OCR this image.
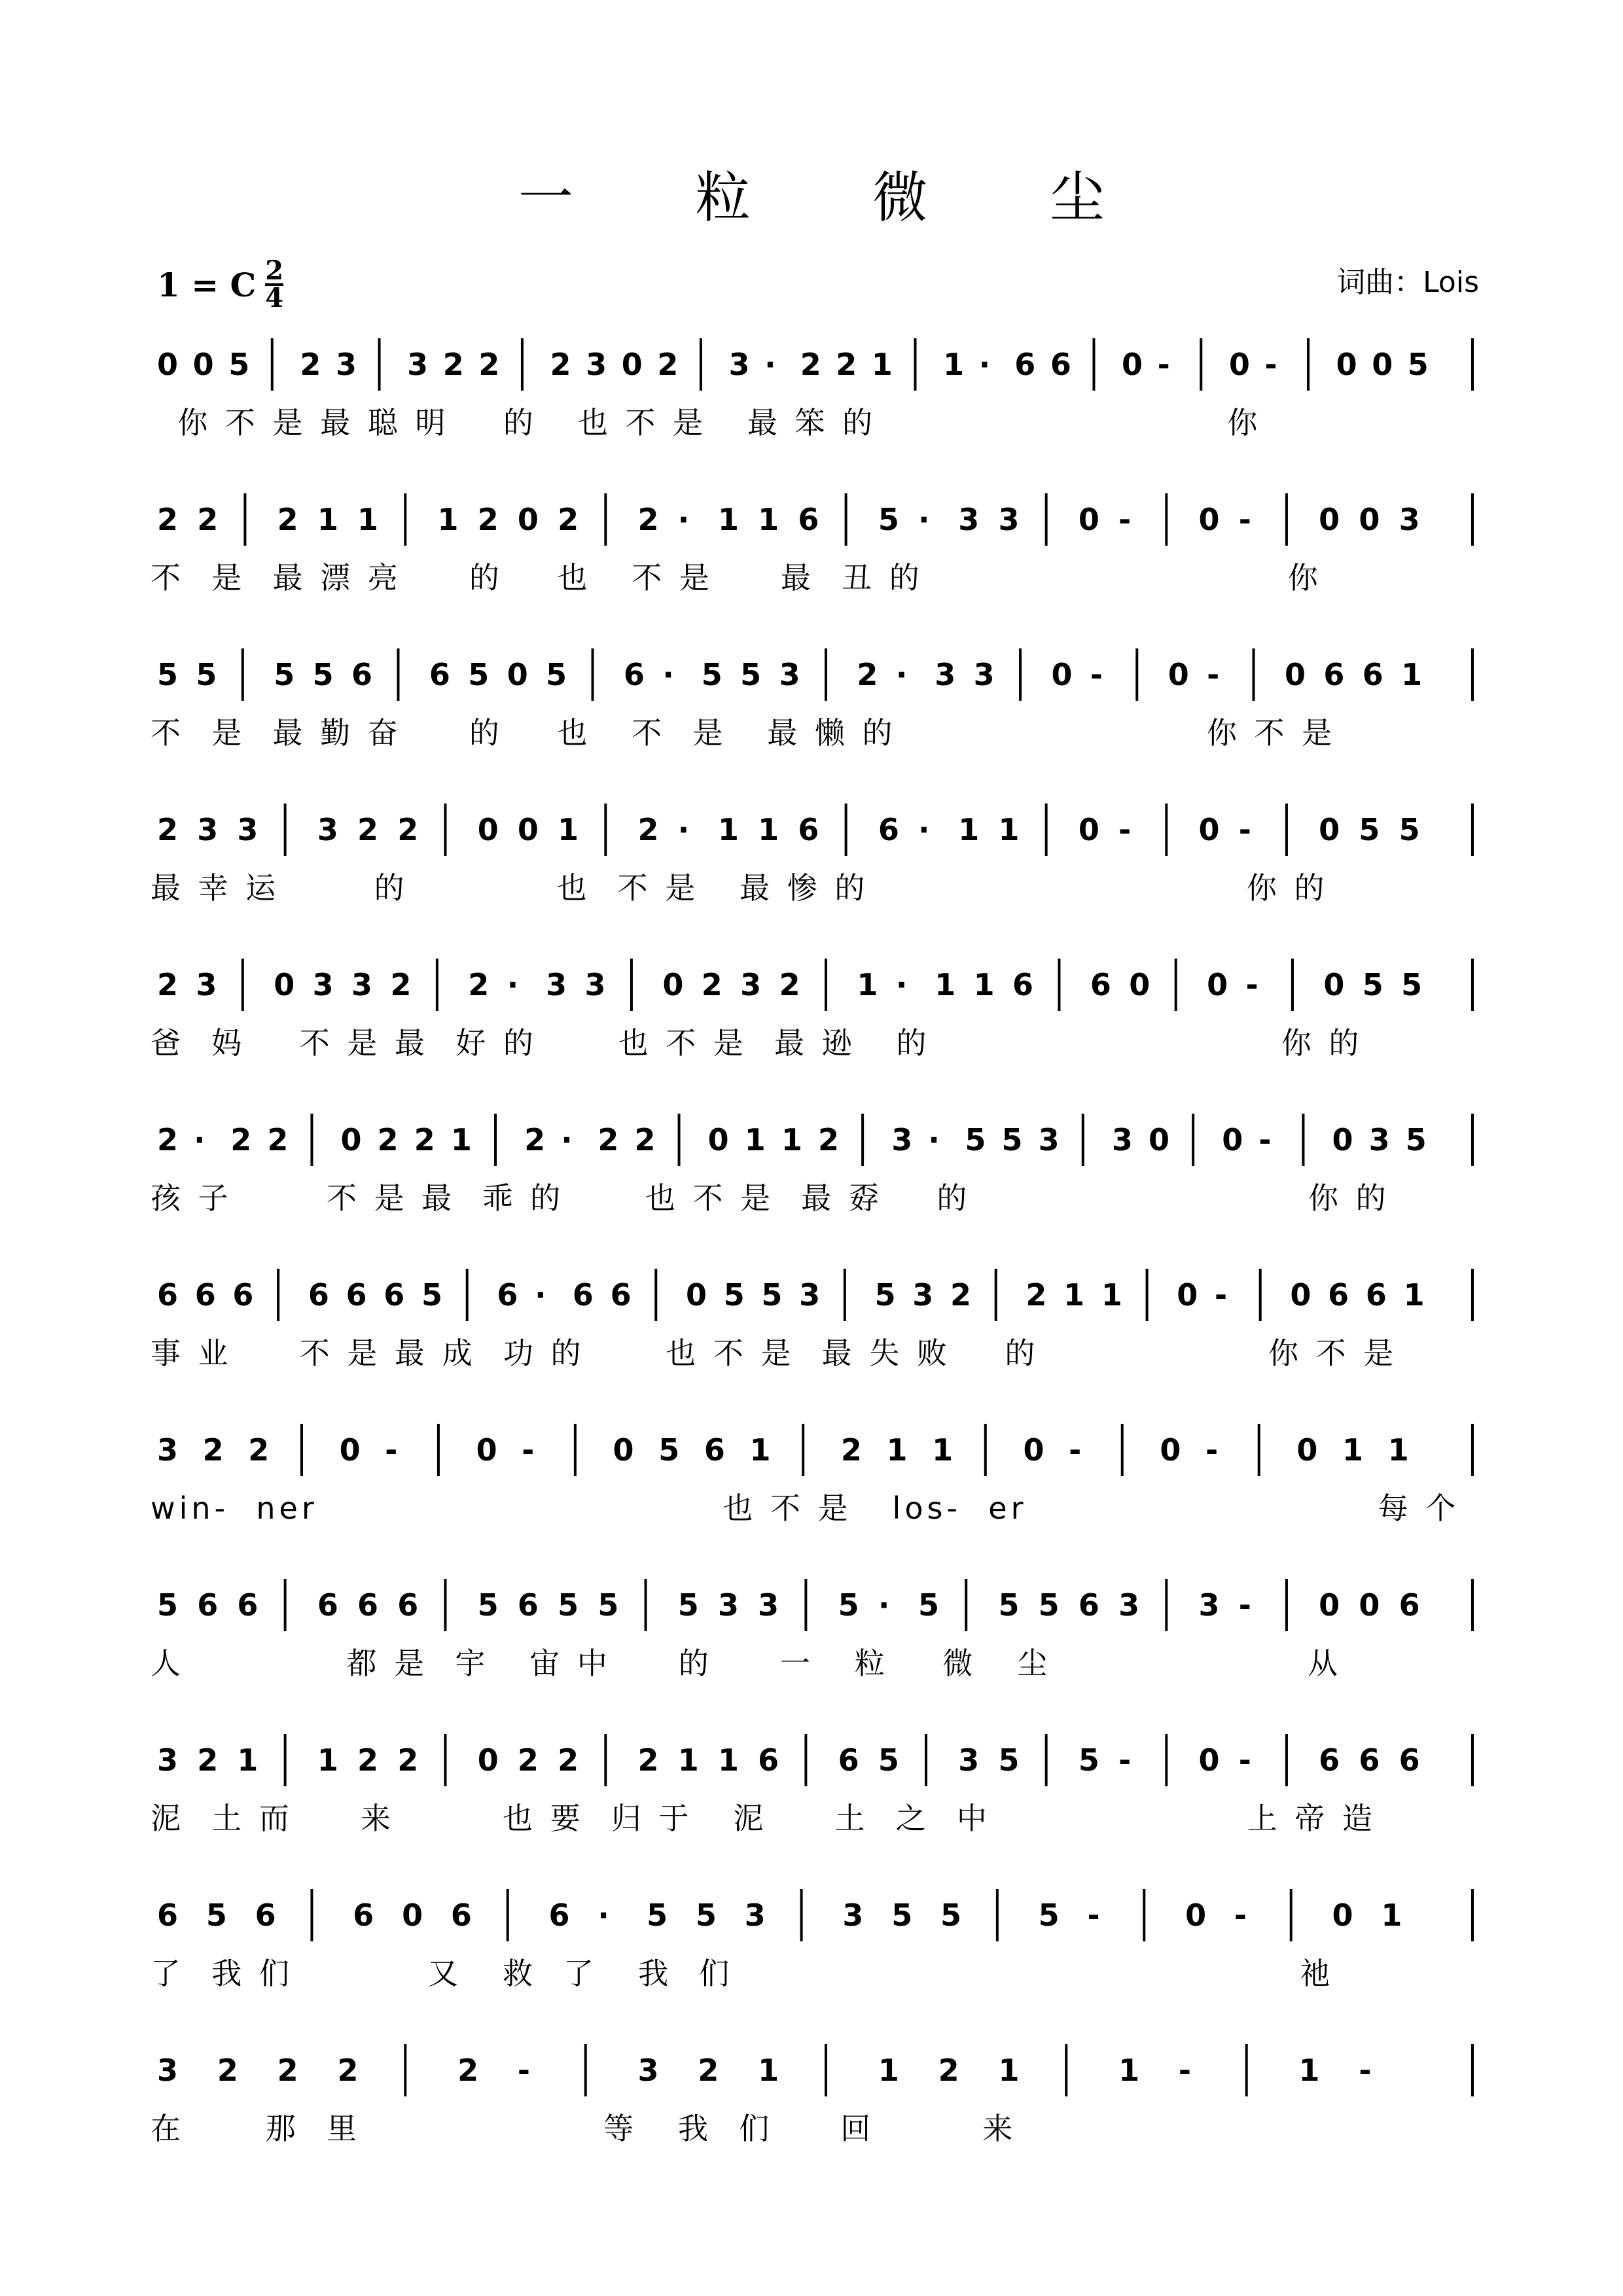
一 粒 微 尘
1 = C 2
4	词曲：Lois
0 0 5 2 3 3 2 2 2 3 0 2 3 · 2 2 1 1 · 6 6 0 - 0 - 0 0 5
你 不 是 最 聪 明    的   也 不 是   最 笨 的                          你
2 2 2 1 1 1 2 0 2 2 · 1 1 6 5 · 3 3 0 - 0 - 0 0 3
不  是  最 漂 亮     的    也   不 是     最  丑 的                           你
5 5 5 5 6 6 5 0 5 6 · 5 5 3 2 · 3 3 0 - 0 - 0 6 6 1
不  是  最 勤 奋     的    也   不  是   最 懒 的                       你 不 是
2 3 3 3 2 2 0 0 1 2 · 1 1 6 6 · 1 1 0 - 0 - 0 5 5
最 幸 运       的           也  不 是   最 惨 的                            你 的
2 3 0 3 3 2 2 · 3 3 0 2 3 2 1 · 1 1 6 6 0 0 - 0 5 5
爸  妈    不 是 最  好 的      也 不 是  最 逊   的                          你 的
2 · 2 2 0 2 2 1 2 · 2 2 0 1 1 2 3 · 5 5 3 3 0 0 - 0 3 5
孩 子       不 是 最  乖 的      也 不 是  最 孬    的                         你 的
6 6 6 6 6 6 5 6 · 6 6 0 5 5 3 5 3 2 2 1 1 0 - 0 6 6 1
事 业     不 是 最 成  功 的      也 不 是  最 失 败    的                 你 不 是
3 2 2 0 -	0 -	0 5 6 1 2 1 1 0 -	0 -	0 1 1
win-  ner                              也 不 是   los-  er                          每 个
5 6 6 6 6 6 5 6 5 5 5 3 3 5 · 5 5 5 6 3 3 - 0 0 6
人            都 是  宇   宙 中     的     一   粒    微   尘                   从
3 2 1 1 2 2 0 2 2 2 1 1 6 6 5 3 5 5 - 0 - 6 6 6
泥  土 而     来        也 要  归 于   泥     土  之  中                   上 帝 造
6 5 6	6 0 6	6 · 5 5 3	3 5 5	5 -	0 -	0 1
了  我 们          又   救  了   我  们                                          祂
3 2 2 2	2 -	3 2 1	1 2 1	1 -	1 -
在      那  里                  等   我  们     回        来
